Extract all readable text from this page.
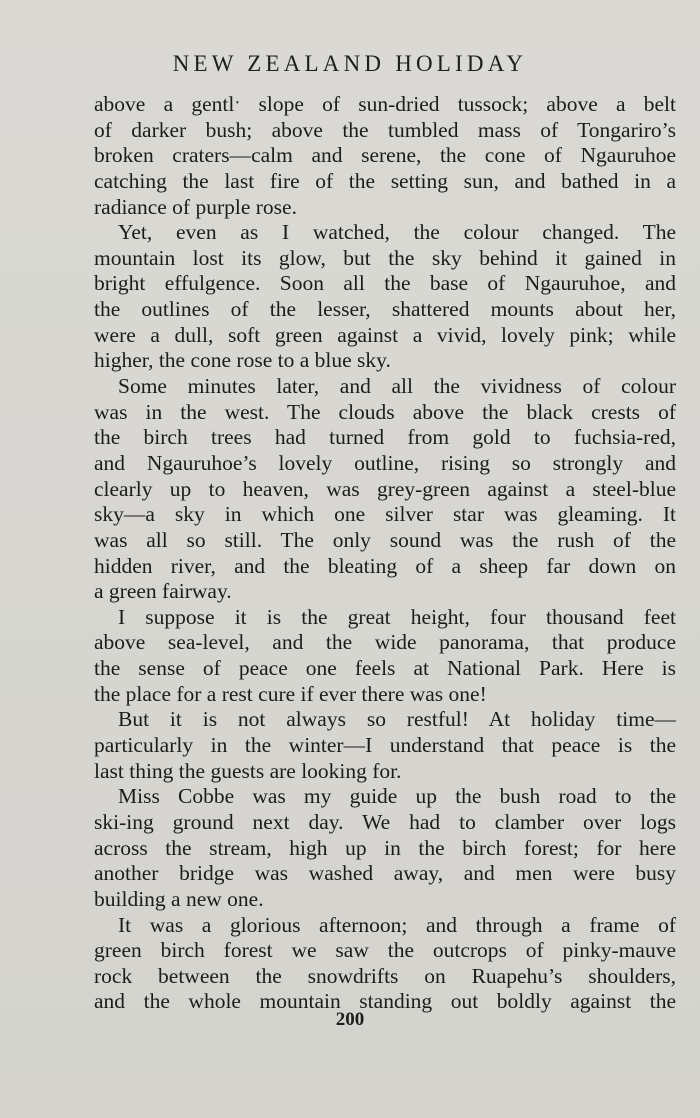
NEW ZEALAND HOLIDAY
above a gentlˑ slope of sun-dried tussock; above a belt
of darker bush; above the tumbled mass of Tongariro’s
broken craters—calm and serene, the cone of Ngauruhoe
catching the last fire of the setting sun, and bathed in a
radiance of purple rose.
Yet, even as I watched, the colour changed. The
mountain lost its glow, but the sky behind it gained in
bright effulgence. Soon all the base of Ngauruhoe, and
the outlines of the lesser, shattered mounts about her,
were a dull, soft green against a vivid, lovely pink; while
higher, the cone rose to a blue sky.
Some minutes later, and all the vividness of colour
was in the west. The clouds above the black crests of
the birch trees had turned from gold to fuchsia-red,
and Ngauruhoe’s lovely outline, rising so strongly and
clearly up to heaven, was grey-green against a steel-blue
sky—a sky in which one silver star was gleaming. It
was all so still. The only sound was the rush of the
hidden river, and the bleating of a sheep far down on
a green fairway.
I suppose it is the great height, four thousand feet
above sea-level, and the wide panorama, that produce
the sense of peace one feels at National Park. Here is
the place for a rest cure if ever there was one!
But it is not always so restful! At holiday time—
particularly in the winter—I understand that peace is the
last thing the guests are looking for.
Miss Cobbe was my guide up the bush road to the
ski-ing ground next day. We had to clamber over logs
across the stream, high up in the birch forest; for here
another bridge was washed away, and men were busy
building a new one.
It was a glorious afternoon; and through a frame of
green birch forest we saw the outcrops of pinky-mauve
rock between the snowdrifts on Ruapehu’s shoulders,
and the whole mountain standing out boldly against the
200
